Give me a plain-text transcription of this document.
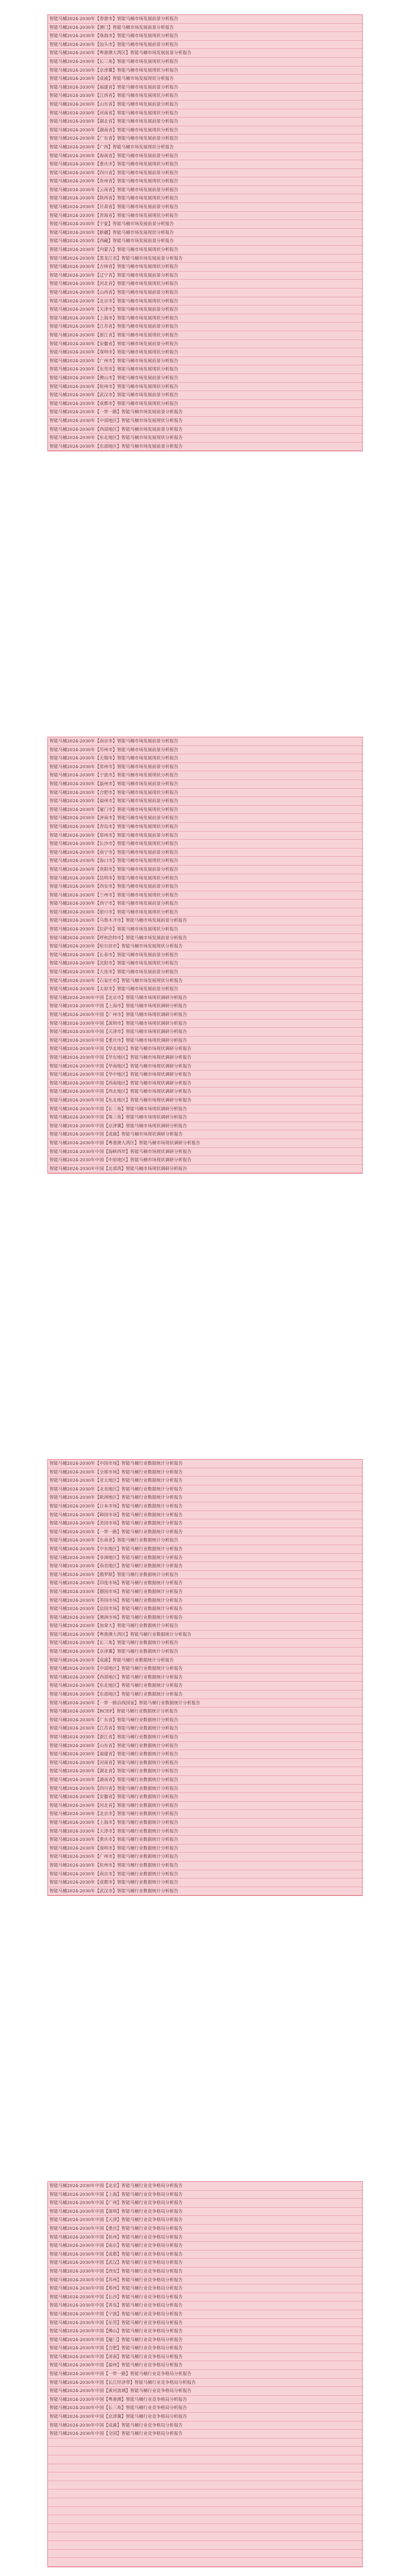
智能马桶2024-2030年【香港市】智能马桶市场发展前景分析报告
智能马桶2024-2030年【澳门】智能马桶市场发展前景分析报告
智能马桶2024-2030年【珠海市】智能马桶市场发展现状分析报告
智能马桶2024-2030年【汕头市】智能马桶市场发展前景分析报告
智能马桶2024-2030年【粤港澳大湾区】智能马桶市场发展前景分析报告
智能马桶2024-2030年【长三角】智能马桶市场发展现状分析报告
智能马桶2024-2030年【京津冀】智能马桶市场发展现状分析报告
智能马桶2024-2030年【成渝】智能马桶市场发展现状分析报告
智能马桶2024-2030年【福建省】智能马桶市场发展前景分析报告
智能马桶2024-2030年【江西省】智能马桶市场发展现状分析报告
智能马桶2024-2030年【山东省】智能马桶市场发展前景分析报告
智能马桶2024-2030年【河南省】智能马桶市场发展现状分析报告
智能马桶2024-2030年【湖北省】智能马桶市场发展前景分析报告
智能马桶2024-2030年【湖南省】智能马桶市场发展现状分析报告
智能马桶2024-2030年【广东省】智能马桶市场发展前景分析报告
智能马桶2024-2030年【广西】智能马桶市场发展现状分析报告
智能马桶2024-2030年【海南省】智能马桶市场发展前景分析报告
智能马桶2024-2030年【重庆市】智能马桶市场发展现状分析报告
智能马桶2024-2030年【四川省】智能马桶市场发展前景分析报告
智能马桶2024-2030年【贵州省】智能马桶市场发展现状分析报告
智能马桶2024-2030年【云南省】智能马桶市场发展前景分析报告
智能马桶2024-2030年【陕西省】智能马桶市场发展现状分析报告
智能马桶2024-2030年【甘肃省】智能马桶市场发展前景分析报告
智能马桶2024-2030年【青海省】智能马桶市场发展现状分析报告
智能马桶2024-2030年【宁夏】智能马桶市场发展前景分析报告
智能马桶2024-2030年【新疆】智能马桶市场发展现状分析报告
智能马桶2024-2030年【西藏】智能马桶市场发展前景分析报告
智能马桶2024-2030年【内蒙古】智能马桶市场发展现状分析报告
智能马桶2024-2030年【黑龙江省】智能马桶市场发展前景分析报告
智能马桶2024-2030年【吉林省】智能马桶市场发展现状分析报告
智能马桶2024-2030年【辽宁省】智能马桶市场发展前景分析报告
智能马桶2024-2030年【河北省】智能马桶市场发展现状分析报告
智能马桶2024-2030年【山西省】智能马桶市场发展前景分析报告
智能马桶2024-2030年【北京市】智能马桶市场发展现状分析报告
智能马桶2024-2030年【天津市】智能马桶市场发展前景分析报告
智能马桶2024-2030年【上海市】智能马桶市场发展现状分析报告
智能马桶2024-2030年【江苏省】智能马桶市场发展前景分析报告
智能马桶2024-2030年【浙江省】智能马桶市场发展现状分析报告
智能马桶2024-2030年【安徽省】智能马桶市场发展前景分析报告
智能马桶2024-2030年【深圳市】智能马桶市场发展现状分析报告
智能马桶2024-2030年【广州市】智能马桶市场发展前景分析报告
智能马桶2024-2030年【东莞市】智能马桶市场发展现状分析报告
智能马桶2024-2030年【佛山市】智能马桶市场发展前景分析报告
智能马桶2024-2030年【杭州市】智能马桶市场发展现状分析报告
智能马桶2024-2030年【武汉市】智能马桶市场发展前景分析报告
智能马桶2024-2030年【成都市】智能马桶市场发展现状分析报告
智能马桶2024-2030年【一带一路】智能马桶市场发展前景分析报告
智能马桶2024-2030年【中部地区】智能马桶市场发展现状分析报告
智能马桶2024-2030年【西部地区】智能马桶市场发展前景分析报告
智能马桶2024-2030年【东北地区】智能马桶市场发展现状分析报告
智能马桶2024-2030年【东部地区】智能马桶市场发展前景分析报告
智能马桶2024-2030年【南京市】智能马桶市场发展前景分析报告
智能马桶2024-2030年【苏州市】智能马桶市场发展前景分析报告
智能马桶2024-2030年【无锡市】智能马桶市场发展现状分析报告
智能马桶2024-2030年【常州市】智能马桶市场发展前景分析报告
智能马桶2024-2030年【宁波市】智能马桶市场发展现状分析报告
智能马桶2024-2030年【温州市】智能马桶市场发展前景分析报告
智能马桶2024-2030年【合肥市】智能马桶市场发展现状分析报告
智能马桶2024-2030年【福州市】智能马桶市场发展前景分析报告
智能马桶2024-2030年【厦门市】智能马桶市场发展现状分析报告
智能马桶2024-2030年【济南市】智能马桶市场发展前景分析报告
智能马桶2024-2030年【青岛市】智能马桶市场发展现状分析报告
智能马桶2024-2030年【郑州市】智能马桶市场发展前景分析报告
智能马桶2024-2030年【长沙市】智能马桶市场发展现状分析报告
智能马桶2024-2030年【南宁市】智能马桶市场发展前景分析报告
智能马桶2024-2030年【海口市】智能马桶市场发展现状分析报告
智能马桶2024-2030年【贵阳市】智能马桶市场发展前景分析报告
智能马桶2024-2030年【昆明市】智能马桶市场发展现状分析报告
智能马桶2024-2030年【西安市】智能马桶市场发展前景分析报告
智能马桶2024-2030年【兰州市】智能马桶市场发展现状分析报告
智能马桶2024-2030年【西宁市】智能马桶市场发展前景分析报告
智能马桶2024-2030年【银川市】智能马桶市场发展现状分析报告
智能马桶2024-2030年【乌鲁木齐市】智能马桶市场发展前景分析报告
智能马桶2024-2030年【拉萨市】智能马桶市场发展现状分析报告
智能马桶2024-2030年【呼和浩特市】智能马桶市场发展前景分析报告
智能马桶2024-2030年【哈尔滨市】智能马桶市场发展现状分析报告
智能马桶2024-2030年【长春市】智能马桶市场发展前景分析报告
智能马桶2024-2030年【沈阳市】智能马桶市场发展现状分析报告
智能马桶2024-2030年【大连市】智能马桶市场发展前景分析报告
智能马桶2024-2030年【石家庄市】智能马桶市场发展现状分析报告
智能马桶2024-2030年【太原市】智能马桶市场发展前景分析报告
智能马桶2024-2030年中国【北京市】智能马桶市场现状调研分析报告
智能马桶2024-2030年中国【上海市】智能马桶市场现状调研分析报告
智能马桶2024-2030年中国【广州市】智能马桶市场现状调研分析报告
智能马桶2024-2030年中国【深圳市】智能马桶市场现状调研分析报告
智能马桶2024-2030年中国【天津市】智能马桶市场现状调研分析报告
智能马桶2024-2030年中国【重庆市】智能马桶市场现状调研分析报告
智能马桶2024-2030年中国【华北地区】智能马桶市场现状调研分析报告
智能马桶2024-2030年中国【华东地区】智能马桶市场现状调研分析报告
智能马桶2024-2030年中国【华南地区】智能马桶市场现状调研分析报告
智能马桶2024-2030年中国【华中地区】智能马桶市场现状调研分析报告
智能马桶2024-2030年中国【西南地区】智能马桶市场现状调研分析报告
智能马桶2024-2030年中国【西北地区】智能马桶市场现状调研分析报告
智能马桶2024-2030年中国【东北地区】智能马桶市场现状调研分析报告
智能马桶2024-2030年中国【长三角】智能马桶市场现状调研分析报告
智能马桶2024-2030年中国【珠三角】智能马桶市场现状调研分析报告
智能马桶2024-2030年中国【京津冀】智能马桶市场现状调研分析报告
智能马桶2024-2030年中国【成渝】智能马桶市场现状调研分析报告
智能马桶2024-2030年中国【粤港澳大湾区】智能马桶市场现状调研分析报告
智能马桶2024-2030年中国【海峡西岸】智能马桶市场现状调研分析报告
智能马桶2024-2030年中国【中原地区】智能马桶市场现状调研分析报告
智能马桶2024-2030年中国【北部湾】智能马桶市场现状调研分析报告
智能马桶2024-2030年【中国市场】智能马桶行业数据统计分析报告
智能马桶2024-2030年【全球市场】智能马桶行业数据统计分析报告
智能马桶2024-2030年【亚太地区】智能马桶行业数据统计分析报告
智能马桶2024-2030年【北美地区】智能马桶行业数据统计分析报告
智能马桶2024-2030年【欧洲地区】智能马桶行业数据统计分析报告
智能马桶2024-2030年【日本市场】智能马桶行业数据统计分析报告
智能马桶2024-2030年【韩国市场】智能马桶行业数据统计分析报告
智能马桶2024-2030年【美国市场】智能马桶行业数据统计分析报告
智能马桶2024-2030年【一带一路】智能马桶行业数据统计分析报告
智能马桶2024-2030年【东南亚】智能马桶行业数据统计分析报告
智能马桶2024-2030年【中东地区】智能马桶行业数据统计分析报告
智能马桶2024-2030年【非洲地区】智能马桶行业数据统计分析报告
智能马桶2024-2030年【南美地区】智能马桶行业数据统计分析报告
智能马桶2024-2030年【俄罗斯】智能马桶行业数据统计分析报告
智能马桶2024-2030年【印度市场】智能马桶行业数据统计分析报告
智能马桶2024-2030年【德国市场】智能马桶行业数据统计分析报告
智能马桶2024-2030年【英国市场】智能马桶行业数据统计分析报告
智能马桶2024-2030年【法国市场】智能马桶行业数据统计分析报告
智能马桶2024-2030年【澳洲市场】智能马桶行业数据统计分析报告
智能马桶2024-2030年【加拿大】智能马桶行业数据统计分析报告
智能马桶2024-2030年【粤港澳大湾区】智能马桶行业数据统计分析报告
智能马桶2024-2030年【长三角】智能马桶行业数据统计分析报告
智能马桶2024-2030年【京津冀】智能马桶行业数据统计分析报告
智能马桶2024-2030年【成渝】智能马桶行业数据统计分析报告
智能马桶2024-2030年【中部地区】智能马桶行业数据统计分析报告
智能马桶2024-2030年【西部地区】智能马桶行业数据统计分析报告
智能马桶2024-2030年【东北地区】智能马桶行业数据统计分析报告
智能马桶2024-2030年【东部地区】智能马桶行业数据统计分析报告
智能马桶2024-2030年【一带一路沿线国家】智能马桶行业数据统计分析报告
智能马桶2024-2030年【RCEP】智能马桶行业数据统计分析报告
智能马桶2024-2030年【广东省】智能马桶行业数据统计分析报告
智能马桶2024-2030年【江苏省】智能马桶行业数据统计分析报告
智能马桶2024-2030年【浙江省】智能马桶行业数据统计分析报告
智能马桶2024-2030年【山东省】智能马桶行业数据统计分析报告
智能马桶2024-2030年【福建省】智能马桶行业数据统计分析报告
智能马桶2024-2030年【河南省】智能马桶行业数据统计分析报告
智能马桶2024-2030年【湖北省】智能马桶行业数据统计分析报告
智能马桶2024-2030年【湖南省】智能马桶行业数据统计分析报告
智能马桶2024-2030年【四川省】智能马桶行业数据统计分析报告
智能马桶2024-2030年【安徽省】智能马桶行业数据统计分析报告
智能马桶2024-2030年【河北省】智能马桶行业数据统计分析报告
智能马桶2024-2030年【北京市】智能马桶行业数据统计分析报告
智能马桶2024-2030年【上海市】智能马桶行业数据统计分析报告
智能马桶2024-2030年【天津市】智能马桶行业数据统计分析报告
智能马桶2024-2030年【重庆市】智能马桶行业数据统计分析报告
智能马桶2024-2030年【深圳市】智能马桶行业数据统计分析报告
智能马桶2024-2030年【广州市】智能马桶行业数据统计分析报告
智能马桶2024-2030年【杭州市】智能马桶行业数据统计分析报告
智能马桶2024-2030年【南京市】智能马桶行业数据统计分析报告
智能马桶2024-2030年【成都市】智能马桶行业数据统计分析报告
智能马桶2024-2030年【武汉市】智能马桶行业数据统计分析报告
智能马桶2024-2030年中国【北京】智能马桶行业竞争格局分析报告
智能马桶2024-2030年中国【上海】智能马桶行业竞争格局分析报告
智能马桶2024-2030年中国【广州】智能马桶行业竞争格局分析报告
智能马桶2024-2030年中国【深圳】智能马桶行业竞争格局分析报告
智能马桶2024-2030年中国【天津】智能马桶行业竞争格局分析报告
智能马桶2024-2030年中国【重庆】智能马桶行业竞争格局分析报告
智能马桶2024-2030年中国【杭州】智能马桶行业竞争格局分析报告
智能马桶2024-2030年中国【南京】智能马桶行业竞争格局分析报告
智能马桶2024-2030年中国【成都】智能马桶行业竞争格局分析报告
智能马桶2024-2030年中国【武汉】智能马桶行业竞争格局分析报告
智能马桶2024-2030年中国【西安】智能马桶行业竞争格局分析报告
智能马桶2024-2030年中国【苏州】智能马桶行业竞争格局分析报告
智能马桶2024-2030年中国【郑州】智能马桶行业竞争格局分析报告
智能马桶2024-2030年中国【长沙】智能马桶行业竞争格局分析报告
智能马桶2024-2030年中国【青岛】智能马桶行业竞争格局分析报告
智能马桶2024-2030年中国【宁波】智能马桶行业竞争格局分析报告
智能马桶2024-2030年中国【东莞】智能马桶行业竞争格局分析报告
智能马桶2024-2030年中国【佛山】智能马桶行业竞争格局分析报告
智能马桶2024-2030年中国【厦门】智能马桶行业竞争格局分析报告
智能马桶2024-2030年中国【合肥】智能马桶行业竞争格局分析报告
智能马桶2024-2030年中国【济南】智能马桶行业竞争格局分析报告
智能马桶2024-2030年中国【福州】智能马桶行业竞争格局分析报告
智能马桶2024-2030年中国【一带一路】智能马桶行业竞争格局分析报告
智能马桶2024-2030年中国【长江经济带】智能马桶行业竞争格局分析报告
智能马桶2024-2030年中国【黄河流域】智能马桶行业竞争格局分析报告
智能马桶2024-2030年中国【粤港澳】智能马桶行业竞争格局分析报告
智能马桶2024-2030年中国【长三角】智能马桶行业竞争格局分析报告
智能马桶2024-2030年中国【京津冀】智能马桶行业竞争格局分析报告
智能马桶2024-2030年中国【成渝】智能马桶行业竞争格局分析报告
智能马桶2024-2030年中国【全国】智能马桶行业竞争格局分析报告
